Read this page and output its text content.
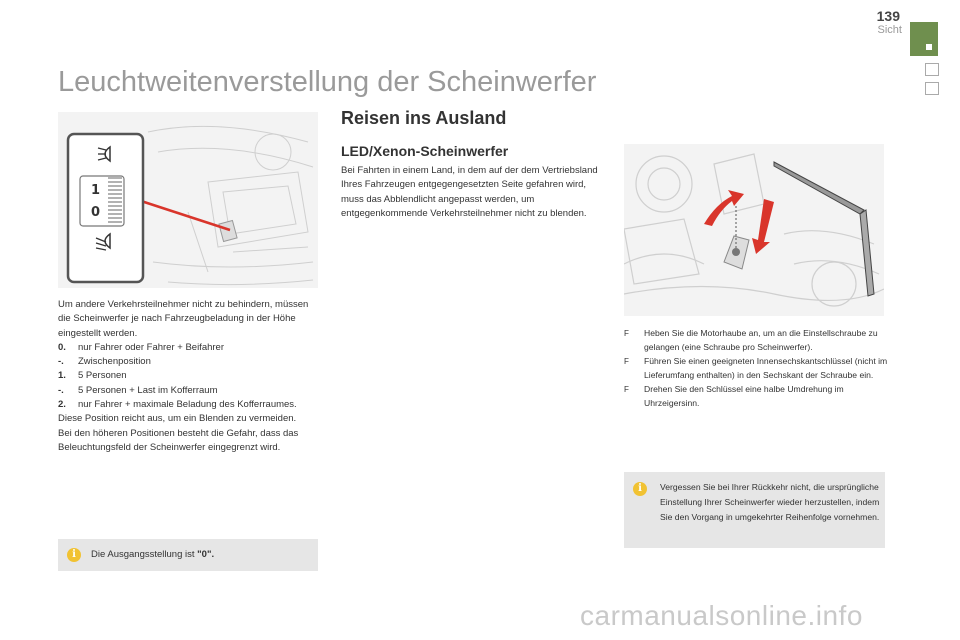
139
Sicht
Leuchtweitenverstellung der Scheinwerfer
1
0
Um andere Verkehrsteilnehmer nicht zu behindern, müssen die Scheinwerfer je nach Fahrzeugbeladung in der Höhe eingestellt werden.
0.	nur Fahrer oder Fahrer + Beifahrer
-.	Zwischenposition
1.	5 Personen
-.	5 Personen + Last im Kofferraum
2.	nur Fahrer + maximale Beladung des Kofferraumes.
Diese Position reicht aus, um ein Blenden zu vermeiden.
Bei den höheren Positionen besteht die Gefahr, dass das Beleuchtungsfeld der Scheinwerfer eingegrenzt wird.
i	Die Ausgangsstellung ist "0".
Reisen ins Ausland
LED/Xenon-Scheinwerfer
Bei Fahrten in einem Land, in dem auf der dem Vertriebsland Ihres Fahrzeugen entgegengesetzten Seite gefahren wird, muss das Abblendlicht angepasst werden, um entgegenkommende Verkehrsteilnehmer nicht zu blenden.
F	Heben Sie die Motorhaube an, um an die Einstellschraube zu gelangen (eine Schraube pro Scheinwerfer).
F	Führen Sie einen geeigneten Innensechskantschlüssel (nicht im Lieferumfang enthalten) in den Sechskant der Schraube ein.
F	Drehen Sie den Schlüssel eine halbe Umdrehung im Uhrzeigersinn.
i	Vergessen Sie bei Ihrer Rückkehr nicht, die ursprüngliche Einstellung Ihrer Scheinwerfer wieder herzustellen, indem Sie den Vorgang in umgekehrter Reihenfolge vornehmen.
carmanualsonline.info
